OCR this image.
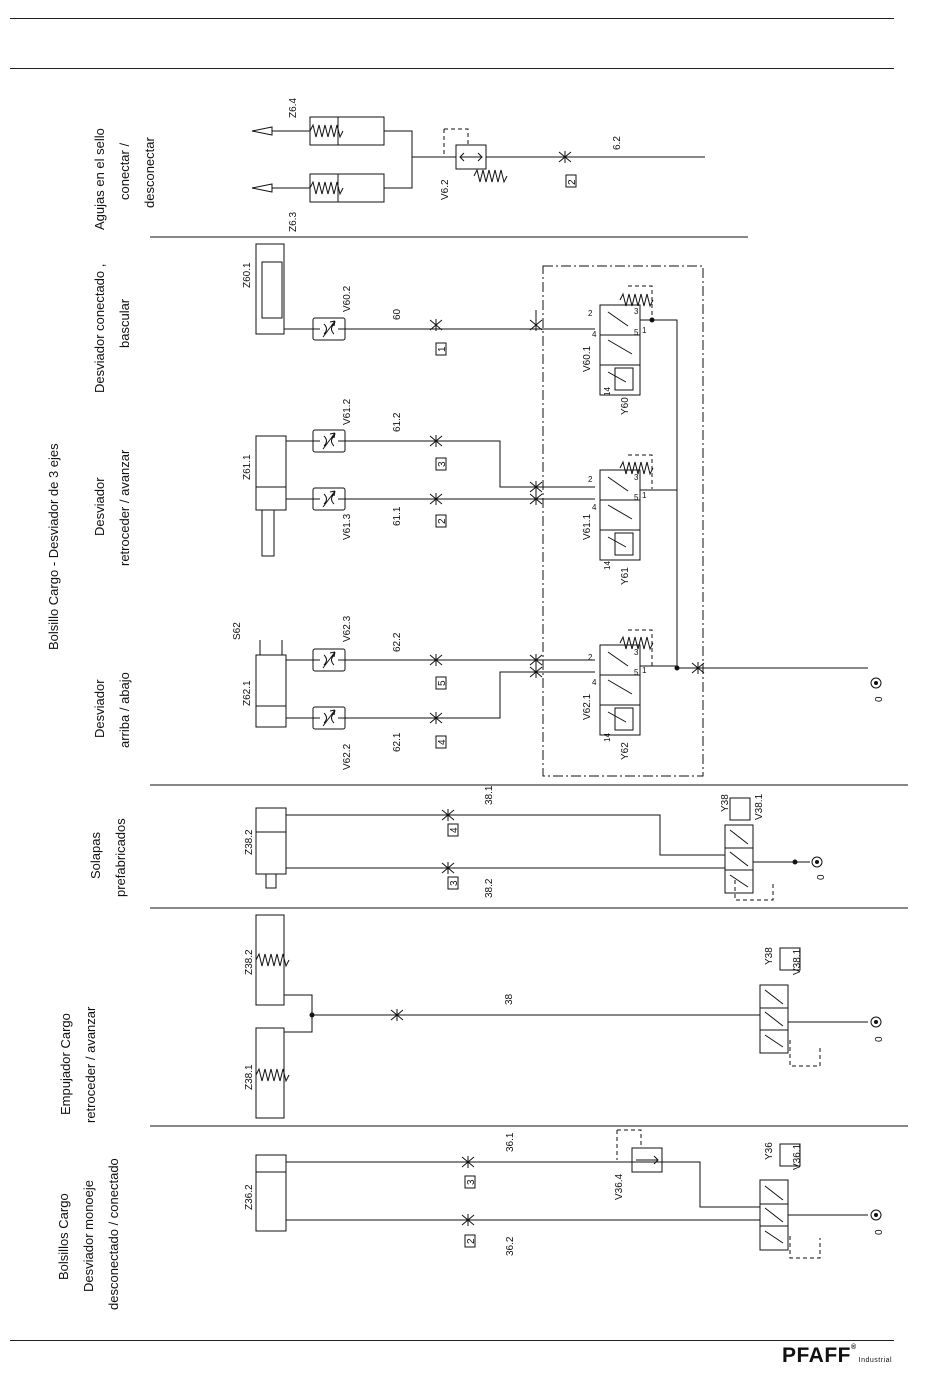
PFAFF®Industrial
Bolsillo Cargo - Desviador de 3 ejes
Agujas en el sello conectar / desconectar
Desviador conectado , bascular
Desviador retroceder / avanzar
Desviador arriba / abajo
Solapas prefabricados
Empujador Cargo retroceder / avanzar
Bolsillos Cargo Desviador monoeje desconectado / conectado
Z6.4
Z6.3
V6.2
6.2
2
Z60.1
V60.2
60
1	V60.1
Y60
Z61.1
V61.2
V61.3
61.2
61.1
3
2	V61.1
Y61
S62
Z62.1
V62.3
V62.2
62.2
62.1
5
4
V62.1
Y62
0
Z38.2
38.1
38.2
4
3
Y38 V38.1
0
Z38.2
Z38.1
38
Y38 V38.1
0
Z36.2	V36.4
36.1
36.2
3
2
Y36 V36.1
0
2
4	5 1
3
14
2
4
5 1
3
14
2
4
5 1
3
14
